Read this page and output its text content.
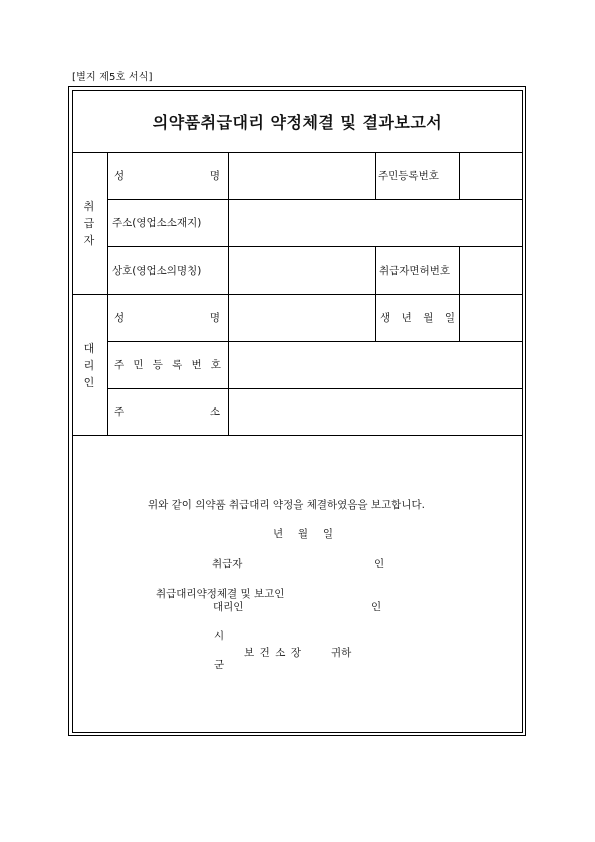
[별지 제5호 서식]
의약품취급대리 약정체결 및 결과보고서
취
급
자
성	명	주민등록번호
주소(영업소소재지)
상호(영업소의명칭)	취급자면허번호
대
리
인
성	명	생 년 월 일
주 민 등 록 번 호
주	소
위와 같이 의약품 취급대리 약정을 체결하였음을 보고합니다.
년 월 일
취급자	인
취급대리약정체결 및 보고인
대리인	인
시
보 건 소 장	귀하
군
